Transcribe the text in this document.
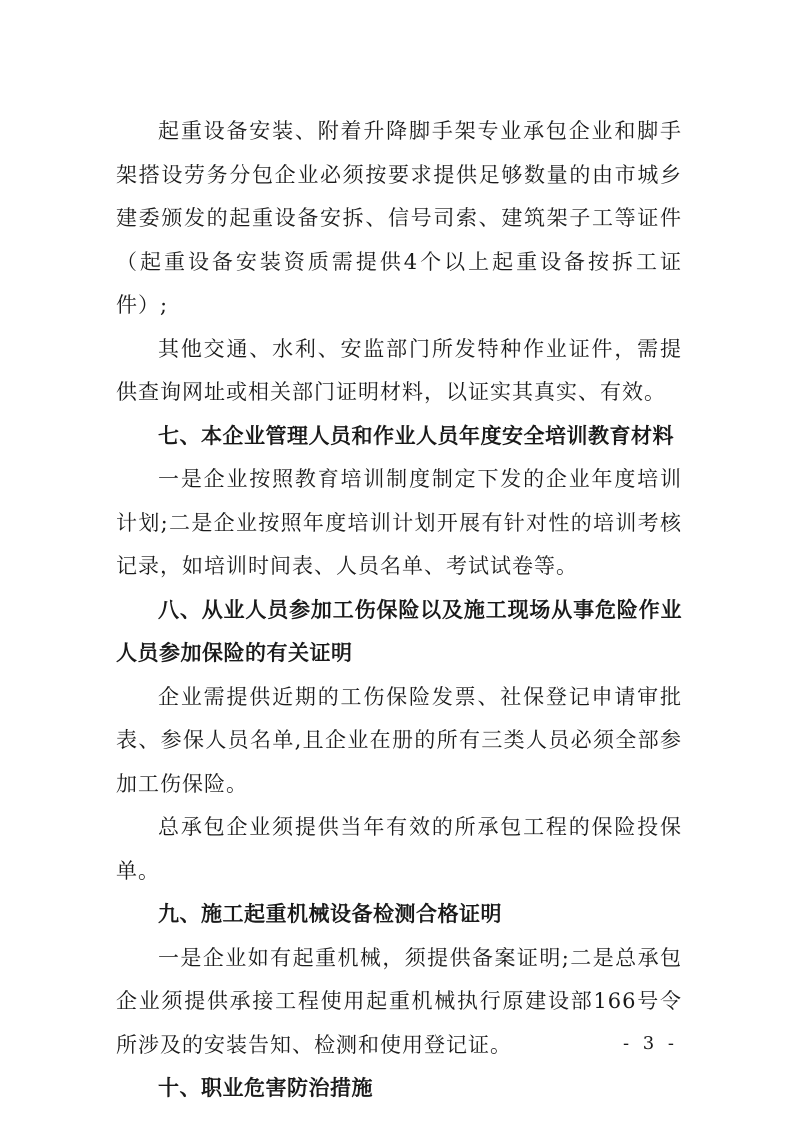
起重设备安装、附着升降脚手架专业承包企业和脚手架搭设劳务分包企业必须按要求提供足够数量的由市城乡建委颁发的起重设备安拆、信号司索、建筑架子工等证件（起重设备安装资质需提供4个以上起重设备按拆工证件）;

其他交通、水利、安监部门所发特种作业证件，需提供查询网址或相关部门证明材料，以证实其真实、有效。

七、本企业管理人员和作业人员年度安全培训教育材料

一是企业按照教育培训制度制定下发的企业年度培训计划;二是企业按照年度培训计划开展有针对性的培训考核记录，如培训时间表、人员名单、考试试卷等。

八、从业人员参加工伤保险以及施工现场从事危险作业人员参加保险的有关证明

企业需提供近期的工伤保险发票、社保登记申请审批表、参保人员名单,且企业在册的所有三类人员必须全部参加工伤保险。

总承包企业须提供当年有效的所承包工程的保险投保单。

九、施工起重机械设备检测合格证明

一是企业如有起重机械，须提供备案证明;二是总承包企业须提供承接工程使用起重机械执行原建设部166号令所涉及的安装告知、检测和使用登记证。

十、职业危害防治措施

- 3 -
